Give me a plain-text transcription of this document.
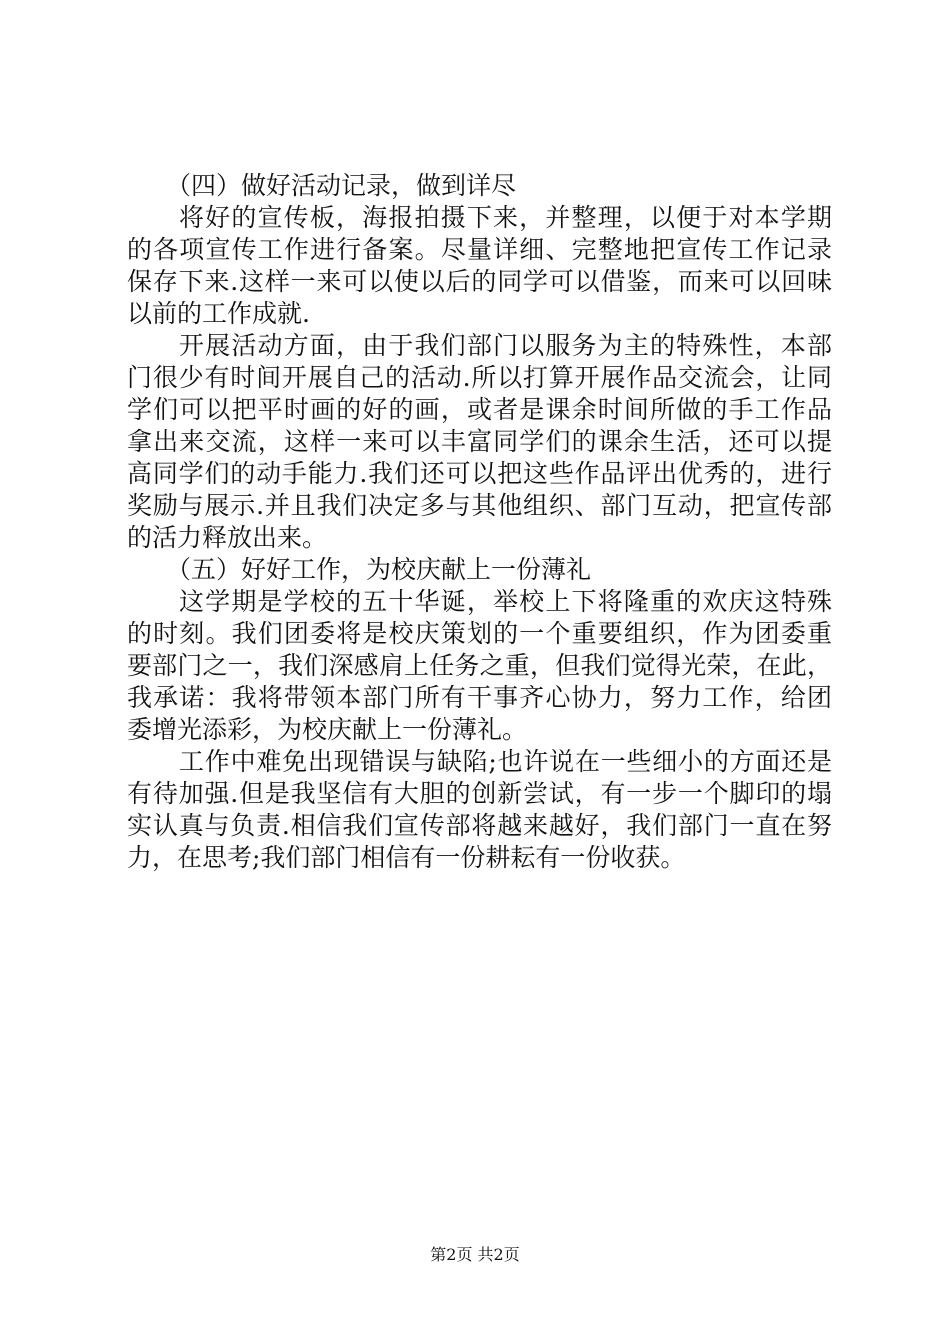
（四）做好活动记录，做到详尽
将好的宣传板，海报拍摄下来，并整理，以便于对本学期
的各项宣传工作进行备案。尽量详细、完整地把宣传工作记录
保存下来.这样一来可以使以后的同学可以借鉴，而来可以回味
以前的工作成就.
开展活动方面，由于我们部门以服务为主的特殊性，本部
门很少有时间开展自己的活动.所以打算开展作品交流会，让同
学们可以把平时画的好的画，或者是课余时间所做的手工作品
拿出来交流，这样一来可以丰富同学们的课余生活，还可以提
高同学们的动手能力.我们还可以把这些作品评出优秀的，进行
奖励与展示.并且我们决定多与其他组织、部门互动，把宣传部
的活力释放出来。
（五）好好工作，为校庆献上一份薄礼
这学期是学校的五十华诞，举校上下将隆重的欢庆这特殊
的时刻。我们团委将是校庆策划的一个重要组织，作为团委重
要部门之一，我们深感肩上任务之重，但我们觉得光荣，在此，
我承诺：我将带领本部门所有干事齐心协力，努力工作，给团
委增光添彩，为校庆献上一份薄礼。
工作中难免出现错误与缺陷;也许说在一些细小的方面还是
有待加强.但是我坚信有大胆的创新尝试，有一步一个脚印的塌
实认真与负责.相信我们宣传部将越来越好，我们部门一直在努
力，在思考;我们部门相信有一份耕耘有一份收获。
第2页 共2页
